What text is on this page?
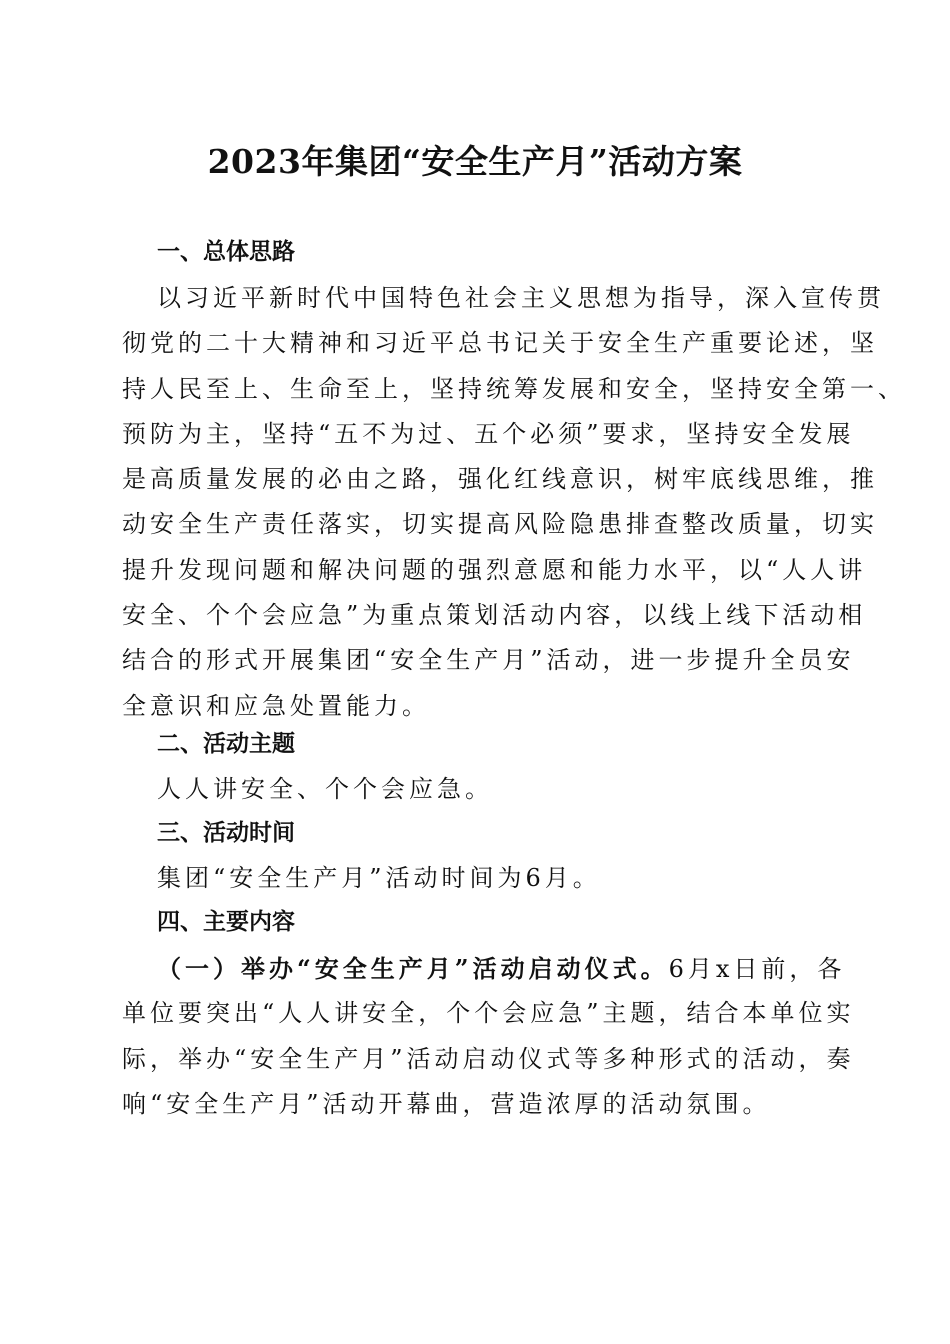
2023年集团“安全生产月”活动方案
一、总体思路
以习近平新时代中国特色社会主义思想为指导，深入宣传贯
彻党的二十大精神和习近平总书记关于安全生产重要论述，坚
持人民至上、生命至上，坚持统筹发展和安全，坚持安全第一、
预防为主，坚持“五不为过、五个必须”要求，坚持安全发展
是高质量发展的必由之路，强化红线意识，树牢底线思维，推
动安全生产责任落实，切实提高风险隐患排查整改质量，切实
提升发现问题和解决问题的强烈意愿和能力水平，以“人人讲
安全、个个会应急”为重点策划活动内容，以线上线下活动相
结合的形式开展集团“安全生产月”活动，进一步提升全员安
全意识和应急处置能力。
二、活动主题
人人讲安全、个个会应急。
三、活动时间
集团“安全生产月”活动时间为6月。
四、主要内容
（一）举办“安全生产月”活动启动仪式。6月x日前，各
单位要突出“人人讲安全，个个会应急”主题，结合本单位实
际，举办“安全生产月”活动启动仪式等多种形式的活动，奏
响“安全生产月”活动开幕曲，营造浓厚的活动氛围。
